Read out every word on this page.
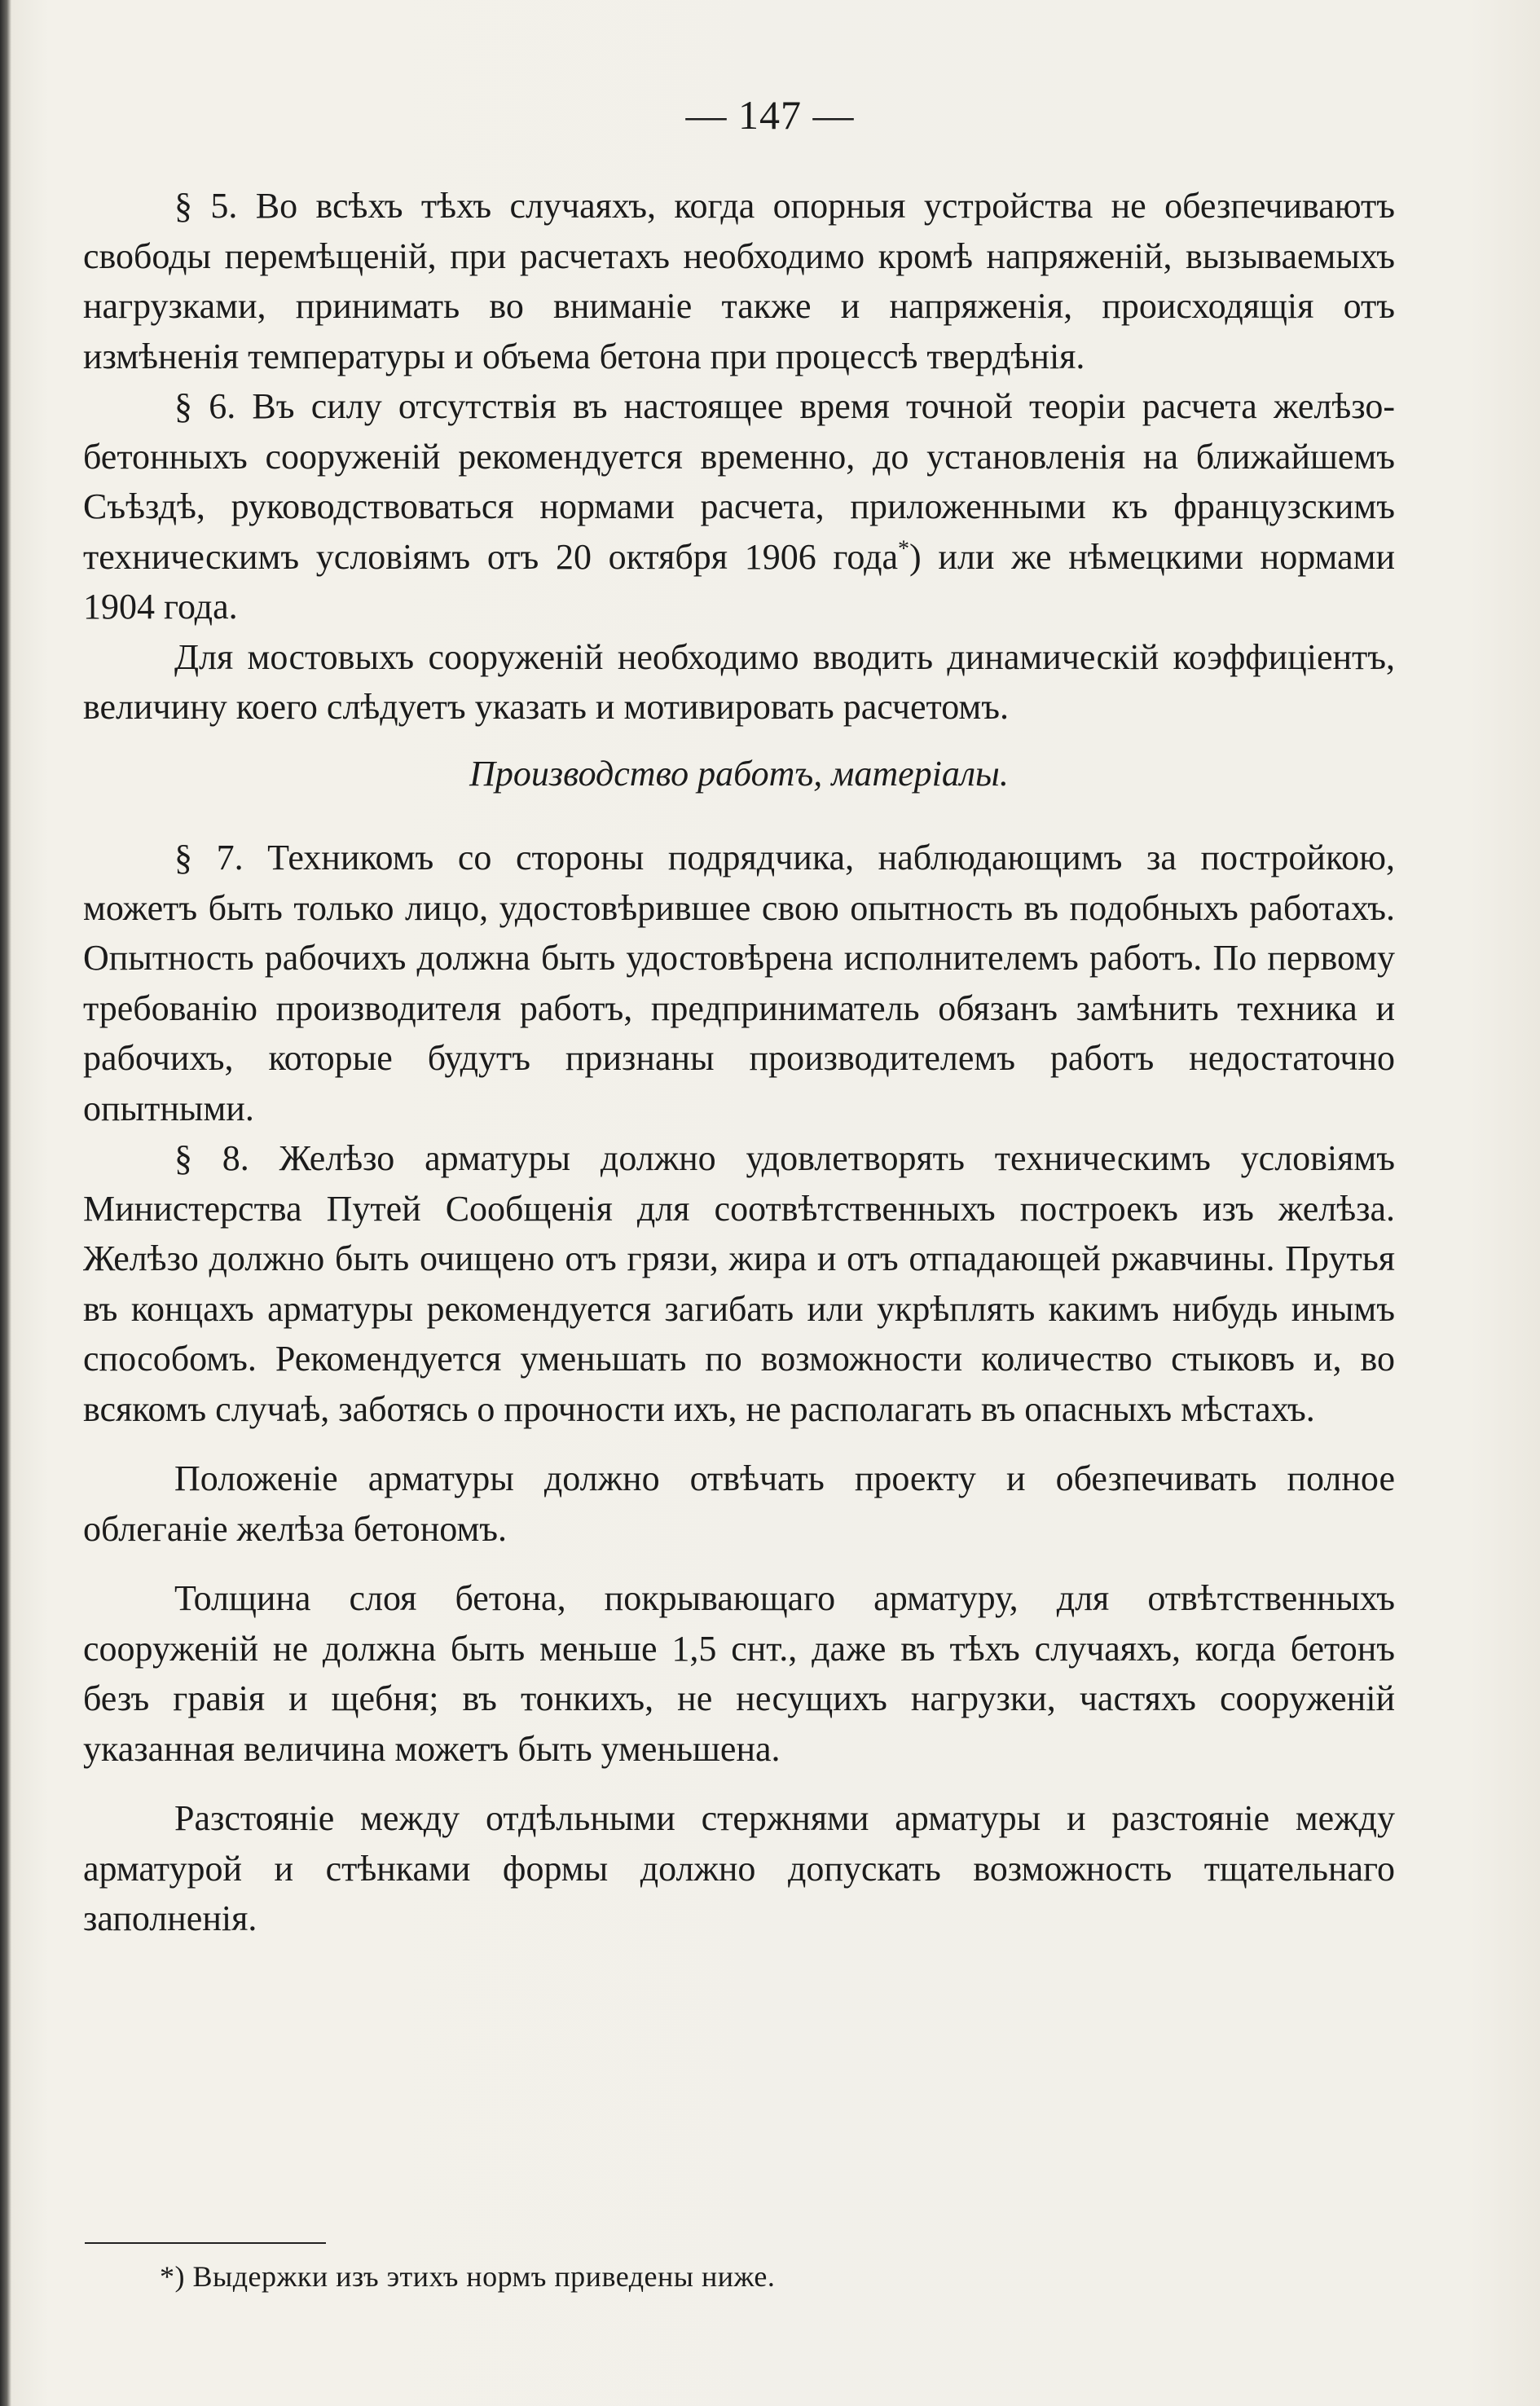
— 147 —

§ 5. Во всѣхъ тѣхъ случаяхъ, когда опорныя устройства не обезпечиваютъ свободы перемѣщенiй, при расчетахъ необходимо кромѣ напряженiй, вызываемыхъ нагрузками, принимать во вниманiе также и напряженiя, происходящiя отъ измѣненiя температуры и объема бетона при процессѣ твердѣнiя.

§ 6. Въ силу отсутствiя въ настоящее время точной теорiи расчета желѣзо-бетонныхъ сооруженiй рекомендуется временно, до установленiя на ближайшемъ Съѣздѣ, руководствоваться нормами расчета, приложенными къ французскимъ техническимъ условiямъ отъ 20 октября 1906 года*) или же нѣмецкими нормами 1904 года.

Для мостовыхъ сооруженiй необходимо вводить динамическiй коэффицiентъ, величину коего слѣдуетъ указать и мотивировать расчетомъ.

Производство работъ, матерiалы.

§ 7. Техникомъ со стороны подрядчика, наблюдающимъ за постройкою, можетъ быть только лицо, удостовѣрившее свою опытность въ подобныхъ работахъ. Опытность рабочихъ должна быть удостовѣрена исполнителемъ работъ. По первому требованiю производителя работъ, предприниматель обязанъ замѣнить техника и рабочихъ, которые будутъ признаны производителемъ работъ недостаточно опытными.

§ 8. Желѣзо арматуры должно удовлетворять техническимъ условiямъ Министерства Путей Сообщенiя для соотвѣтственныхъ построекъ изъ желѣза. Желѣзо должно быть очищено отъ грязи, жира и отъ отпадающей ржавчины. Прутья въ концахъ арматуры рекомендуется загибать или укрѣплять какимъ нибудь инымъ способомъ. Рекомендуется уменьшать по возможности количество стыковъ и, во всякомъ случаѣ, заботясь о прочности ихъ, не располагать въ опасныхъ мѣстахъ.

Положенiе арматуры должно отвѣчать проекту и обезпечивать полное облеганiе желѣза бетономъ.

Толщина слоя бетона, покрывающаго арматуру, для отвѣтственныхъ сооруженiй не должна быть меньше 1,5 снт., даже въ тѣхъ случаяхъ, когда бетонъ безъ гравiя и щебня; въ тонкихъ, не несущихъ нагрузки, частяхъ сооруженiй указанная величина можетъ быть уменьшена.

Разстоянiе между отдѣльными стержнями арматуры и разстоянiе между арматурой и стѣнками формы должно допускать возможность тщательнаго заполненiя.

*) Выдержки изъ этихъ нормъ приведены ниже.
